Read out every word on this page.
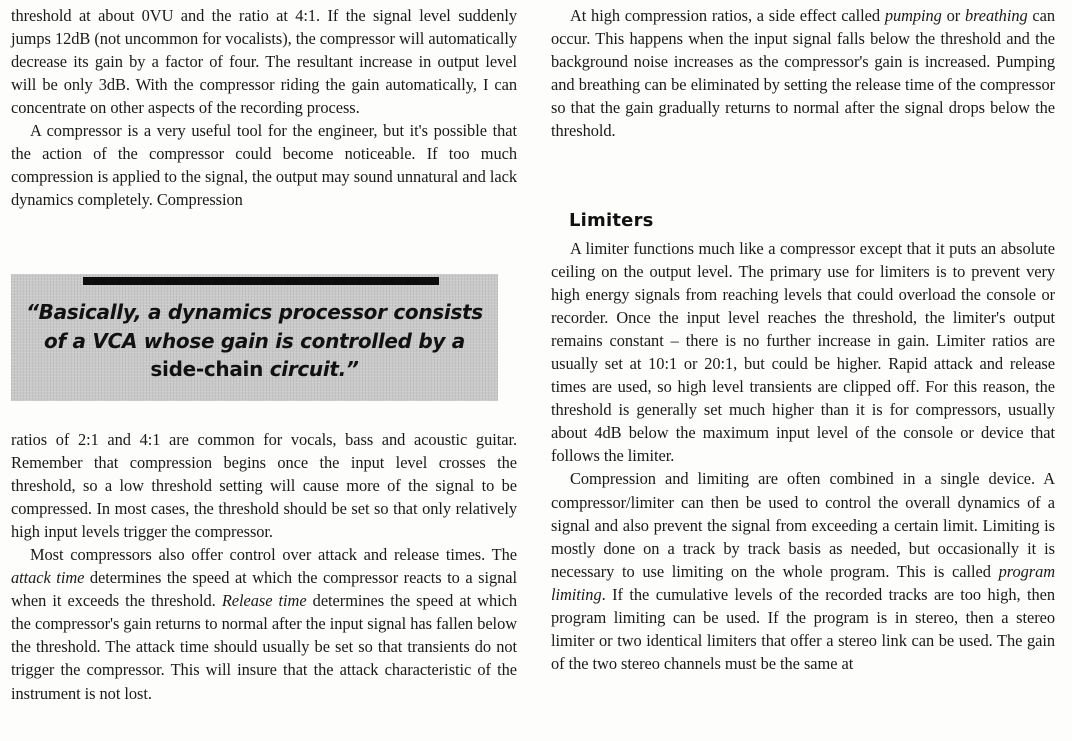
threshold at about 0VU and the ratio at 4:1. If the signal level suddenly jumps 12dB (not uncommon for vocalists), the compressor will automatically decrease its gain by a factor of four. The resultant increase in output level will be only 3dB. With the compressor riding the gain automatically, I can concentrate on other aspects of the recording process.

A compressor is a very useful tool for the engineer, but it's possible that the action of the compressor could become noticeable. If too much compression is applied to the signal, the output may sound unnatural and lack dynamics completely. Compression

“Basically, a dynamics processor consists
of a VCA whose gain is controlled by a
side-chain circuit.”

ratios of 2:1 and 4:1 are common for vocals, bass and acoustic guitar. Remember that compression begins once the input level crosses the threshold, so a low threshold setting will cause more of the signal to be compressed. In most cases, the threshold should be set so that only relatively high input levels trigger the compressor.

Most compressors also offer control over attack and release times. The attack time determines the speed at which the compressor reacts to a signal when it exceeds the threshold. Release time determines the speed at which the compressor's gain returns to normal after the input signal has fallen below the threshold. The attack time should usually be set so that transients do not trigger the compressor. This will insure that the attack characteristic of the instrument is not lost.

At high compression ratios, a side effect called pumping or breathing can occur. This happens when the input signal falls below the threshold and the background noise increases as the compressor's gain is increased. Pumping and breathing can be eliminated by setting the release time of the compressor so that the gain gradually returns to normal after the signal drops below the threshold.

Limiters

A limiter functions much like a compressor except that it puts an absolute ceiling on the output level. The primary use for limiters is to prevent very high energy signals from reaching levels that could overload the console or recorder. Once the input level reaches the threshold, the limiter's output remains constant – there is no further increase in gain. Limiter ratios are usually set at 10:1 or 20:1, but could be higher. Rapid attack and release times are used, so high level transients are clipped off. For this reason, the threshold is generally set much higher than it is for compressors, usually about 4dB below the maximum input level of the console or device that follows the limiter.

Compression and limiting are often combined in a single device. A compressor/limiter can then be used to control the overall dynamics of a signal and also prevent the signal from exceeding a certain limit. Limiting is mostly done on a track by track basis as needed, but occasionally it is necessary to use limiting on the whole program. This is called program limiting. If the cumulative levels of the recorded tracks are too high, then program limiting can be used. If the program is in stereo, then a stereo limiter or two identical limiters that offer a stereo link can be used. The gain of the two stereo channels must be the same at
